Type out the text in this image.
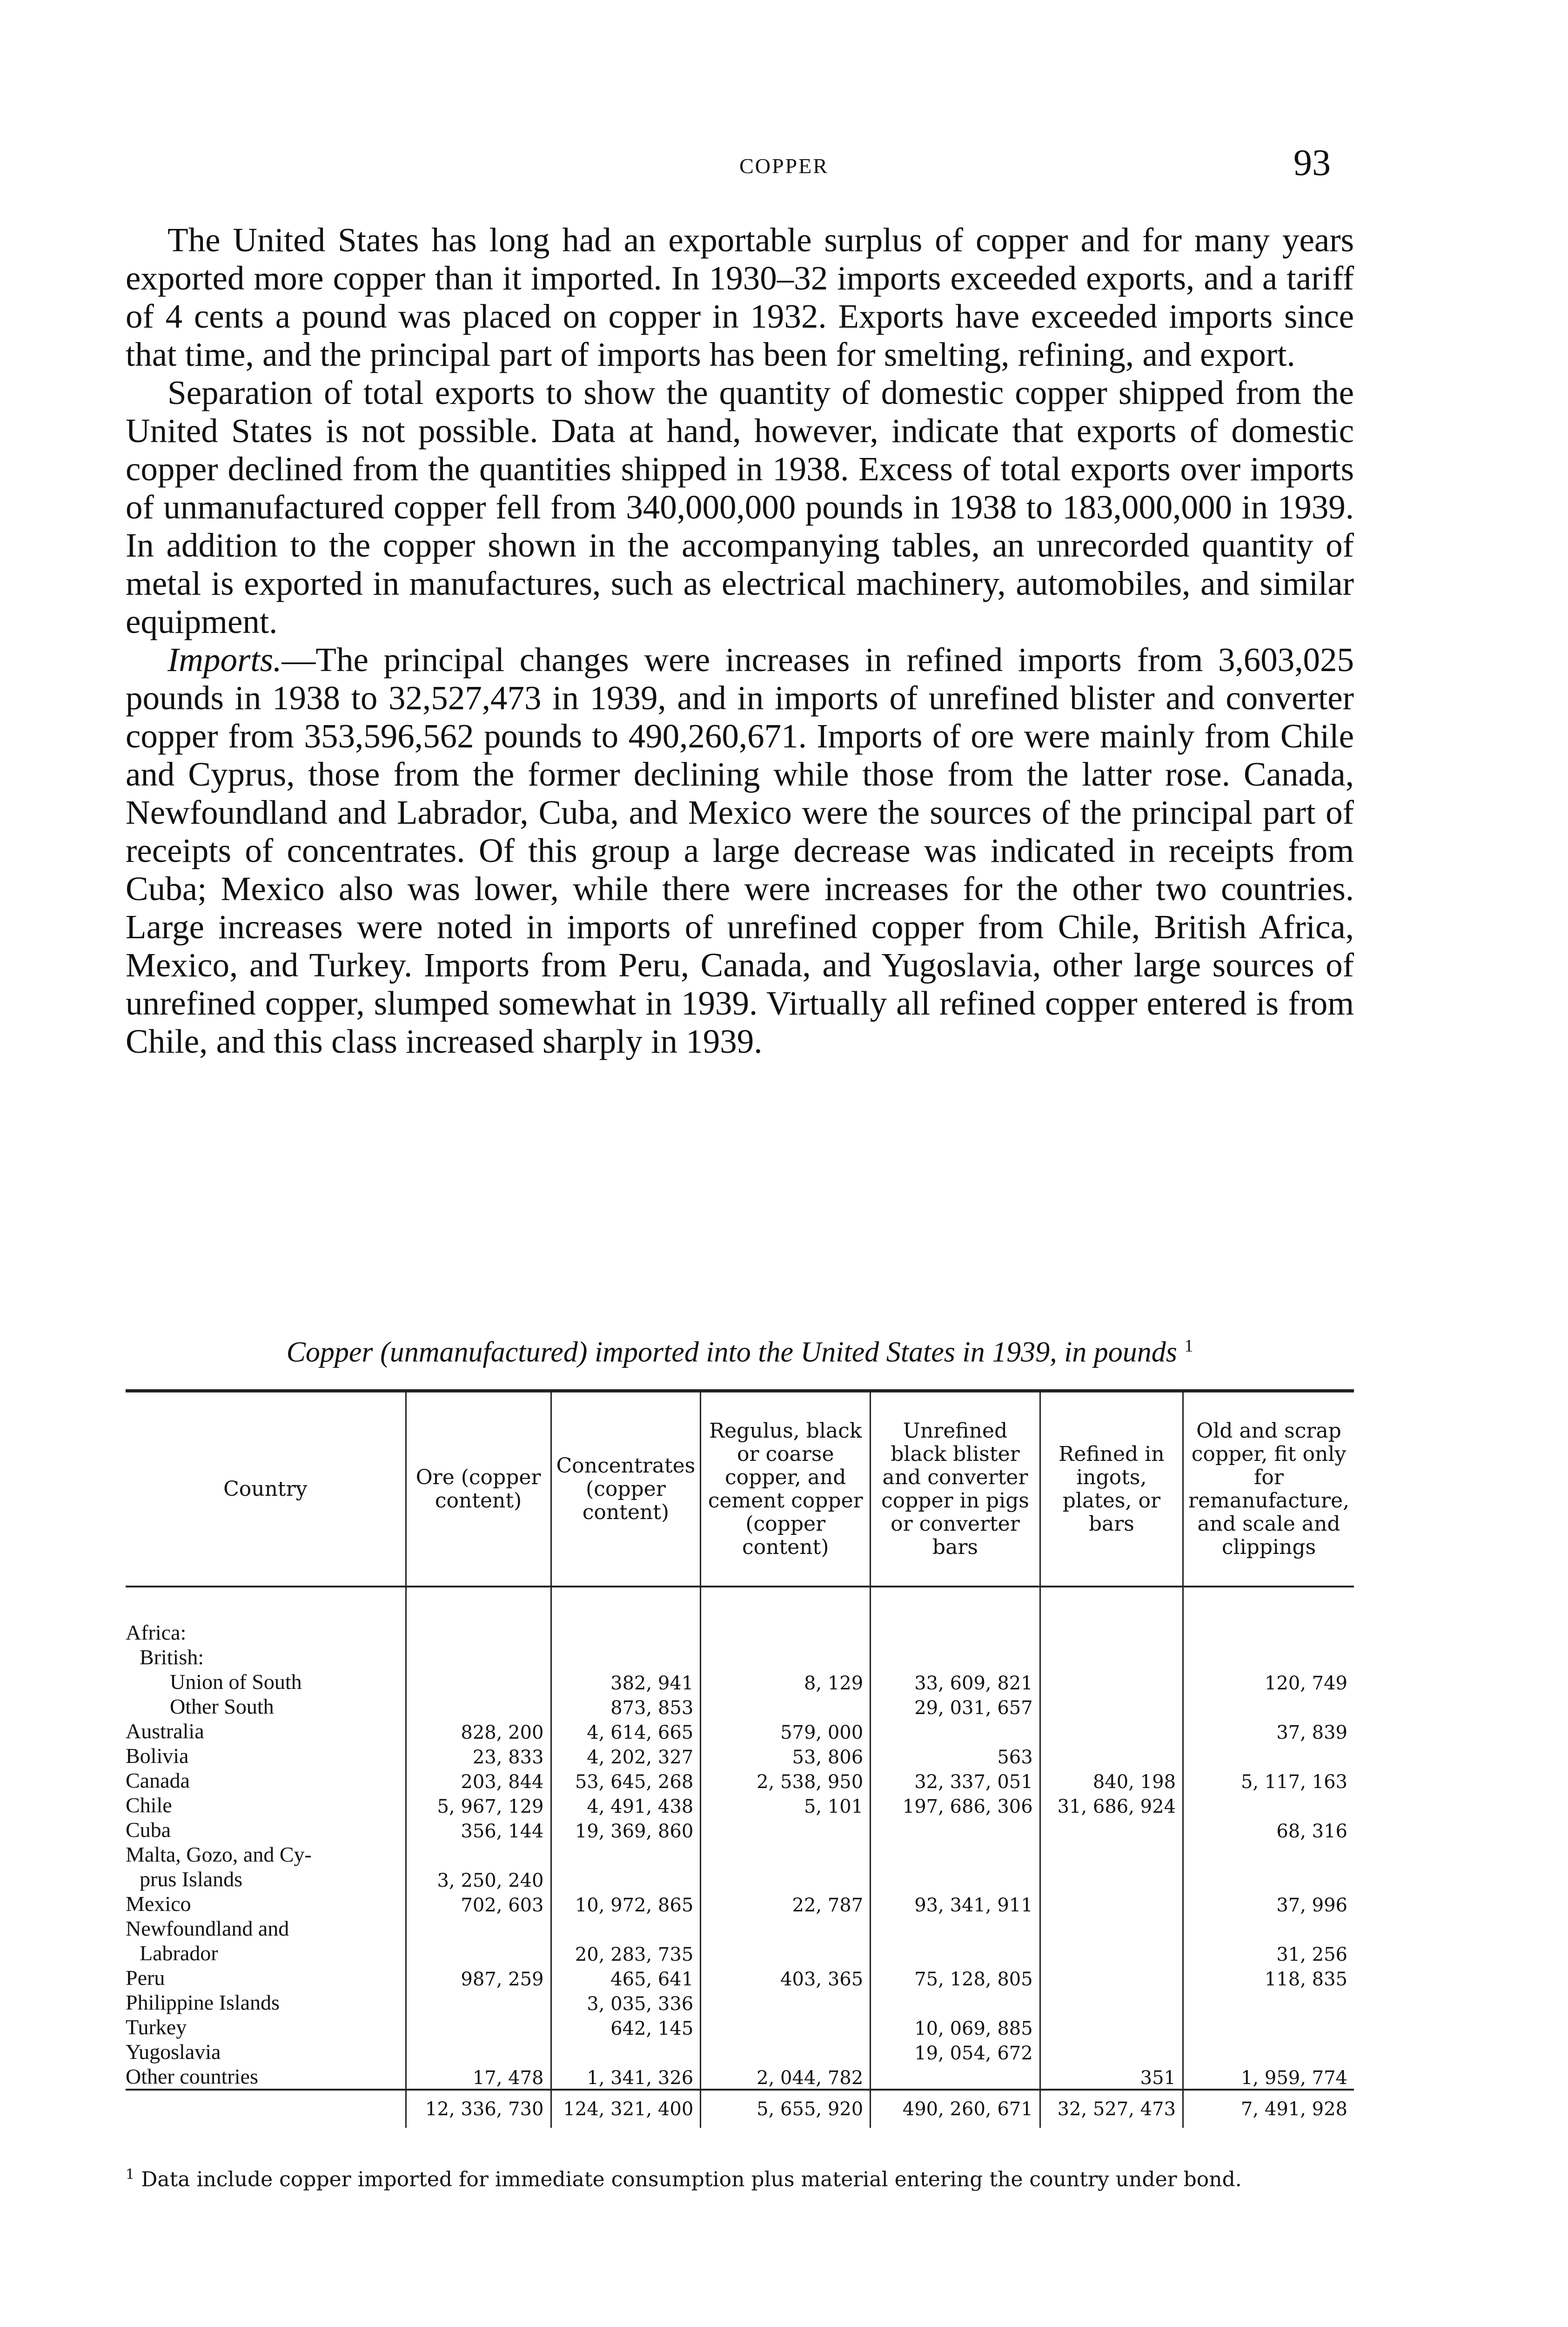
COPPER	93

The United States has long had an exportable surplus of copper and for many years exported more copper than it imported. In 1930–32 imports exceeded exports, and a tariff of 4 cents a pound was placed on copper in 1932. Exports have exceeded imports since that time, and the principal part of imports has been for smelting, refining, and export.

Separation of total exports to show the quantity of domestic copper shipped from the United States is not possible. Data at hand, however, indicate that exports of domestic copper declined from the quantities shipped in 1938. Excess of total exports over imports of unmanufactured copper fell from 340,000,000 pounds in 1938 to 183,000,000 in 1939. In addition to the copper shown in the accompanying tables, an unrecorded quantity of metal is exported in manufactures, such as electrical machinery, automobiles, and similar equipment.

Imports.—The principal changes were increases in refined imports from 3,603,025 pounds in 1938 to 32,527,473 in 1939, and in imports of unrefined blister and converter copper from 353,596,562 pounds to 490,260,671. Imports of ore were mainly from Chile and Cyprus, those from the former declining while those from the latter rose. Canada, Newfoundland and Labrador, Cuba, and Mexico were the sources of the principal part of receipts of concentrates. Of this group a large decrease was indicated in receipts from Cuba; Mexico also was lower, while there were increases for the other two countries. Large increases were noted in imports of unrefined copper from Chile, British Africa, Mexico, and Turkey. Imports from Peru, Canada, and Yugoslavia, other large sources of unrefined copper, slumped somewhat in 1939. Virtually all refined copper entered is from Chile, and this class increased sharply in 1939.

Copper (unmanufactured) imported into the United States in 1939, in pounds $^1$
Country	Ore (copper content)	Concentrates (copper content)	Regulus, black or coarse copper, and cement copper (copper content)	Unrefined black blister and converter copper in pigs or converter bars	Refined in ingots, plates, or bars	Old and scrap copper, fit only for remanufacture, and scale and clippings

Africa:						
British:						
Union of South		382, 941	8, 129	33, 609, 821		120, 749
Other South		873, 853		29, 031, 657		
Australia	828, 200	4, 614, 665	579, 000			37, 839
Bolivia	23, 833	4, 202, 327	53, 806	563		
Canada	203, 844	53, 645, 268	2, 538, 950	32, 337, 051	840, 198	5, 117, 163
Chile	5, 967, 129	4, 491, 438	5, 101	197, 686, 306	31, 686, 924	
Cuba	356, 144	19, 369, 860				68, 316
Malta, Gozo, and Cy-						
prus Islands	3, 250, 240					
Mexico	702, 603	10, 972, 865	22, 787	93, 341, 911		37, 996
Newfoundland and						
Labrador		20, 283, 735				31, 256
Peru	987, 259	465, 641	403, 365	75, 128, 805		118, 835
Philippine Islands		3, 035, 336				
Turkey		642, 145		10, 069, 885		
Yugoslavia				19, 054, 672		
Other countries	17, 478	1, 341, 326	2, 044, 782		351	1, 959, 774
	12, 336, 730	124, 321, 400	5, 655, 920	490, 260, 671	32, 527, 473	7, 491, 928
$^1$ Data include copper imported for immediate consumption plus material entering the country under bond.
